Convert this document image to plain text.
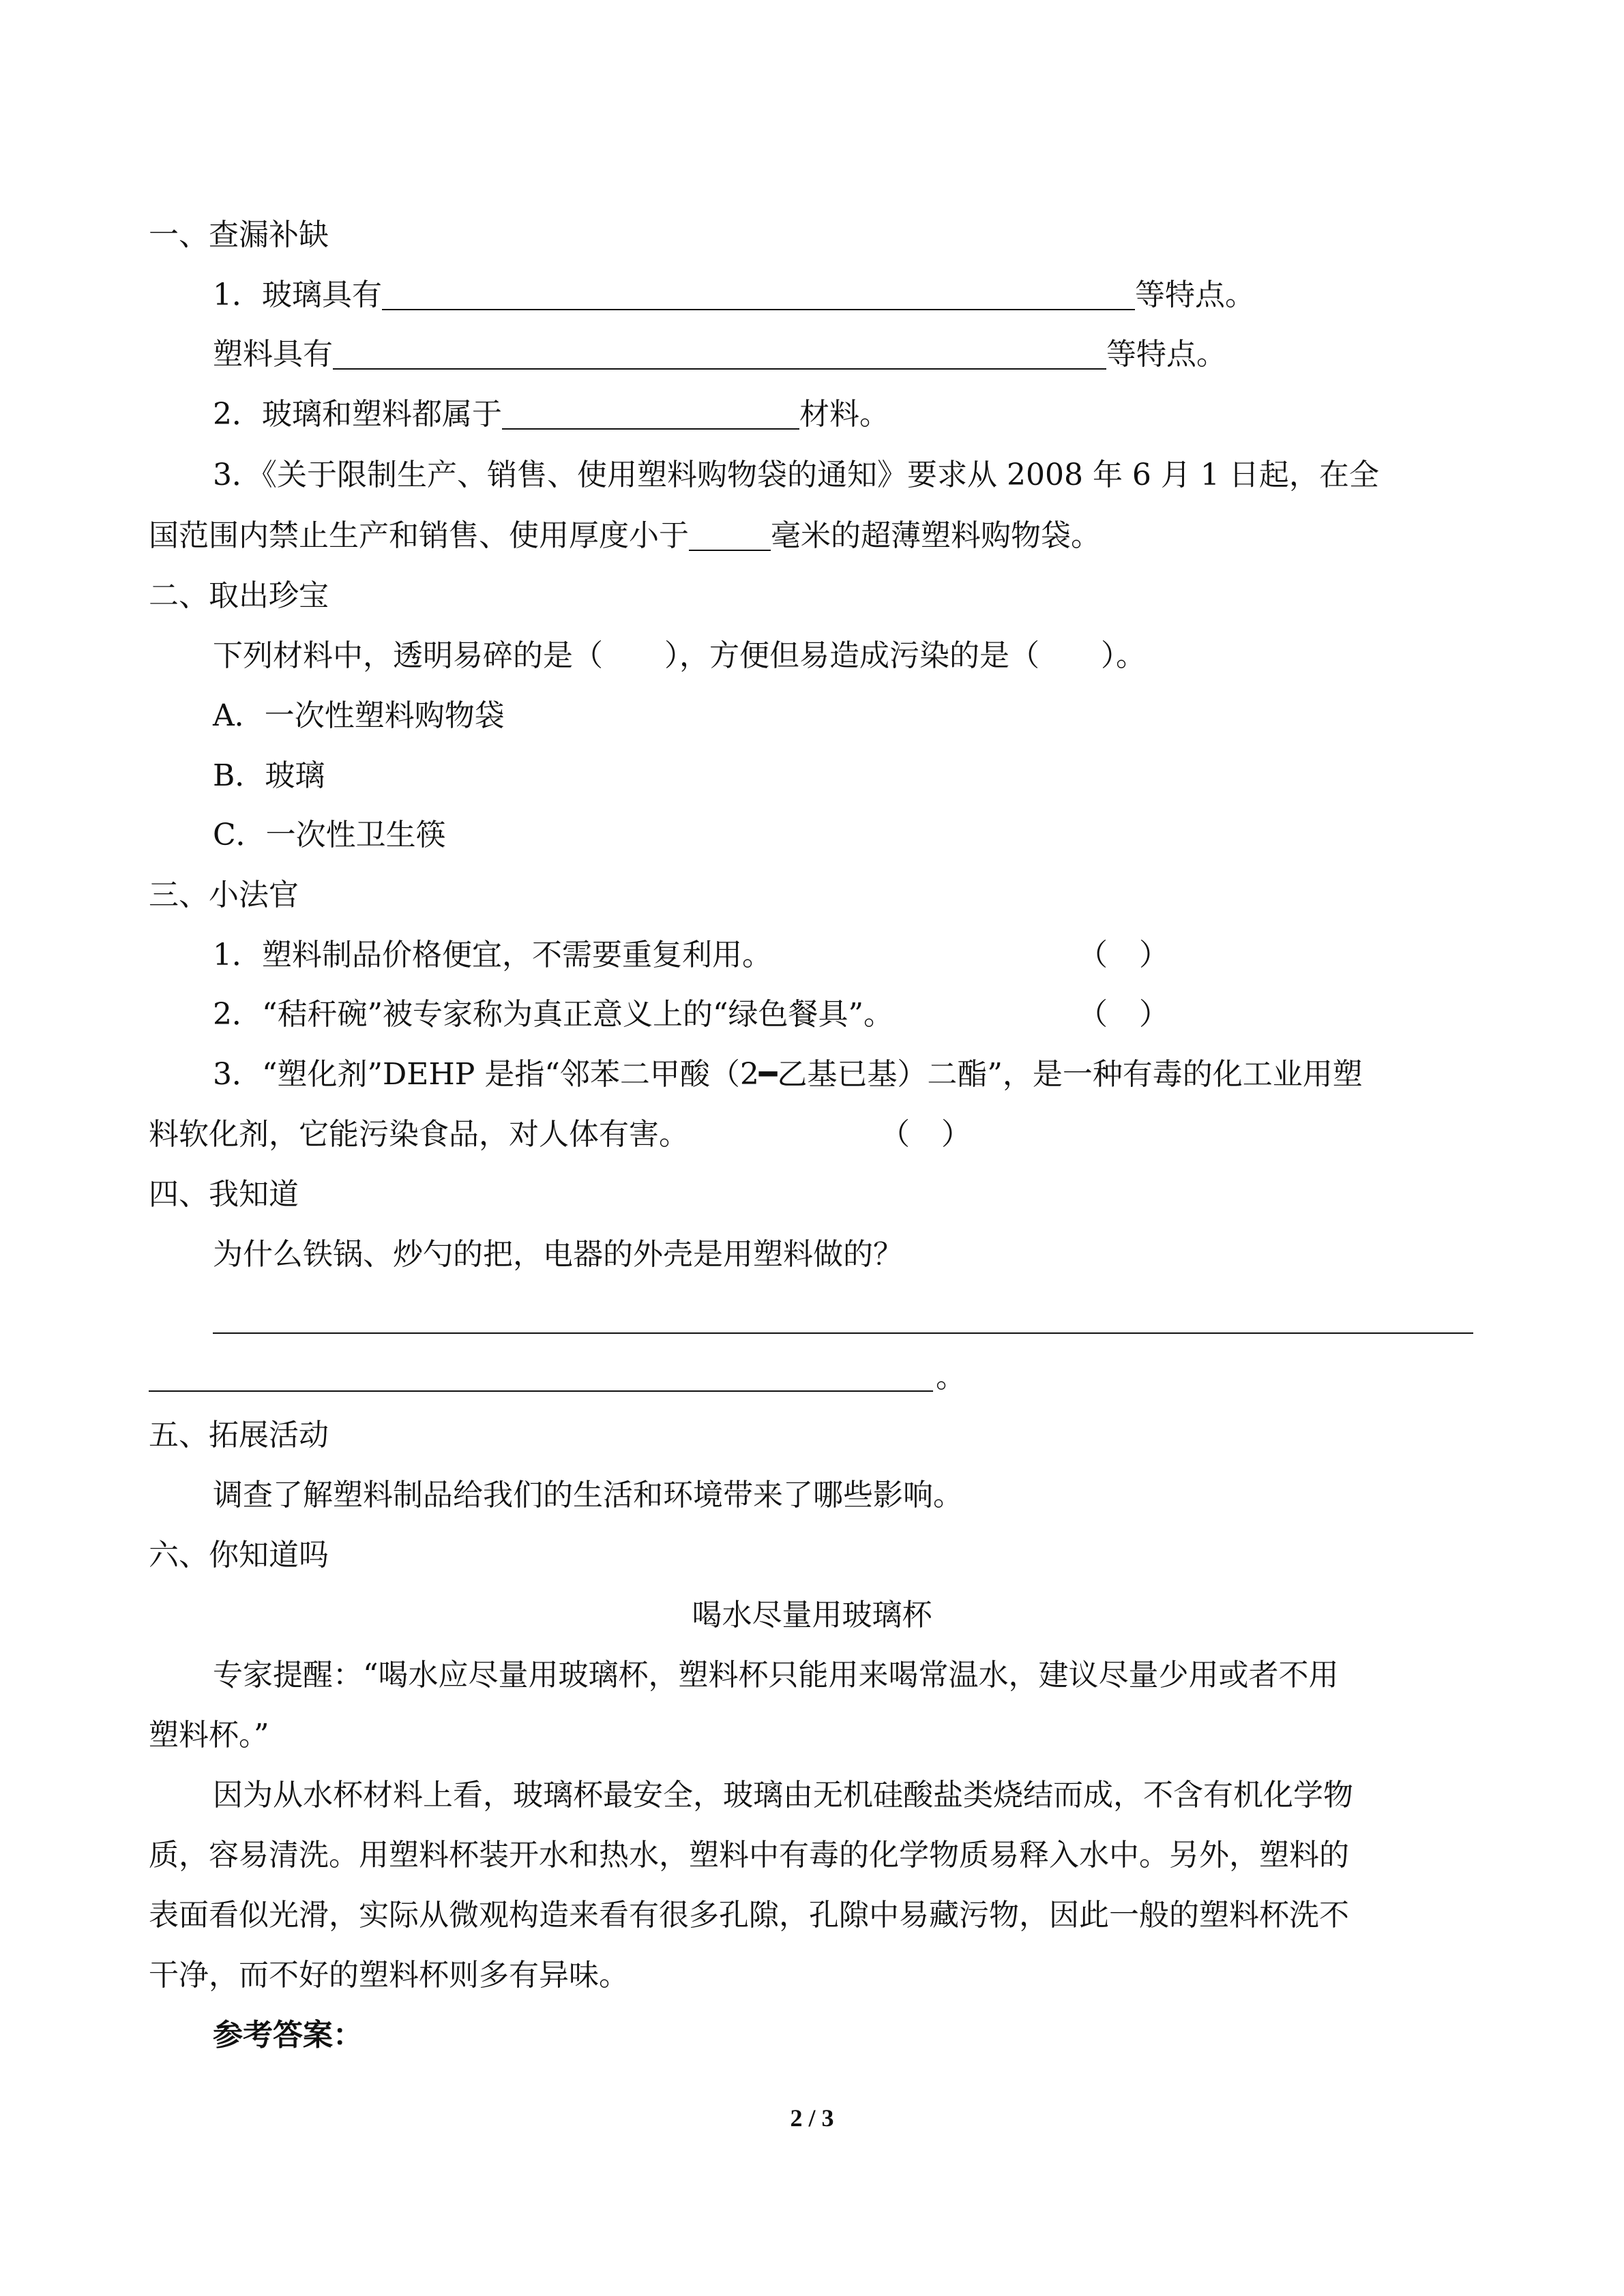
一、查漏补缺
1．玻璃具有	等特点。
塑料具有	等特点。
2．玻璃和塑料都属于	材料。
3．《关于限制生产、销售、使用塑料购物袋的通知》要求从 2008 年 6 月 1 日起，在全
国范围内禁止生产和销售、使用厚度小于	毫米的超薄塑料购物袋。
二、取出珍宝
下列材料中，透明易碎的是（ ），方便但易造成污染的是（ ）。
A．一次性塑料购物袋
B．玻璃
C．一次性卫生筷
三、小法官
1．塑料制品价格便宜，不需要重复利用。	（ ）
2．“秸秆碗”被专家称为真正意义上的“绿色餐具”。	（ ）
3．“塑化剂”DEHP 是指“邻苯二甲酸（2━乙基已基）二酯”，是一种有毒的化工业用塑
料软化剂，它能污染食品，对人体有害。	（ ）
四、我知道
为什么铁锅、炒勺的把，电器的外壳是用塑料做的？
。
五、拓展活动
调查了解塑料制品给我们的生活和环境带来了哪些影响。
六、你知道吗
喝水尽量用玻璃杯
专家提醒：“喝水应尽量用玻璃杯，塑料杯只能用来喝常温水，建议尽量少用或者不用
塑料杯。”
因为从水杯材料上看，玻璃杯最安全，玻璃由无机硅酸盐类烧结而成，不含有机化学物
质，容易清洗。用塑料杯装开水和热水，塑料中有毒的化学物质易释入水中。另外，塑料的
表面看似光滑，实际从微观构造来看有很多孔隙，孔隙中易藏污物，因此一般的塑料杯洗不
干净，而不好的塑料杯则多有异味。
参考答案：
2 / 3
